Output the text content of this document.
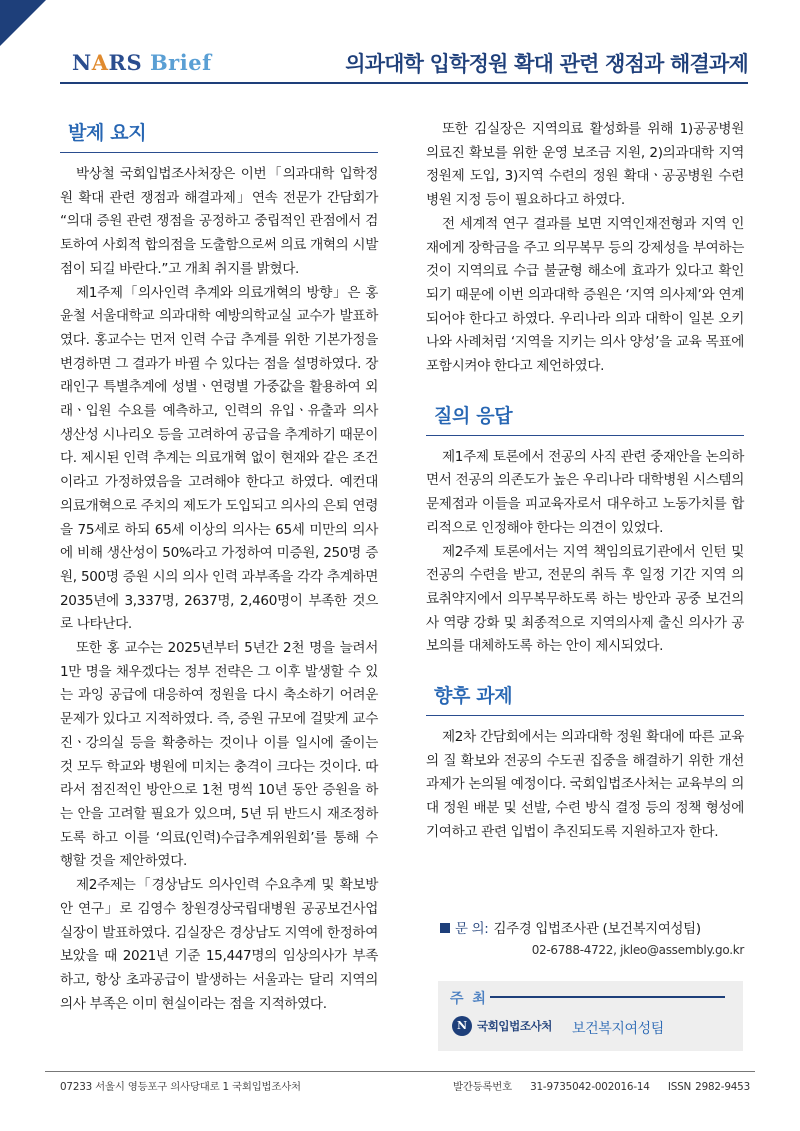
NARS Brief	의과대학 입학정원 확대 관련 쟁점과 해결과제
발제 요지

박상철 국회입법조사처장은 이번「의과대학 입학정원 확대 관련 쟁점과 해결과제」연속 전문가 간담회가 “의대 증원 관련 쟁점을 공정하고 중립적인 관점에서 검토하여 사회적 합의점을 도출함으로써 의료 개혁의 시발점이 되길 바란다.”고 개최 취지를 밝혔다.

제1주제「의사인력 추계와 의료개혁의 방향」은 홍윤철 서울대학교 의과대학 예방의학교실 교수가 발표하였다. 홍교수는 먼저 인력 수급 추계를 위한 기본가정을 변경하면 그 결과가 바뀔 수 있다는 점을 설명하였다. 장래인구 특별추계에 성별ㆍ연령별 가중값을 활용하여 외래ㆍ입원 수요를 예측하고, 인력의 유입ㆍ유출과 의사 생산성 시나리오 등을 고려하여 공급을 추계하기 때문이다. 제시된 인력 추계는 의료개혁 없이 현재와 같은 조건이라고 가정하였음을 고려해야 한다고 하였다. 예컨대 의료개혁으로 주치의 제도가 도입되고 의사의 은퇴 연령을 75세로 하되 65세 이상의 의사는 65세 미만의 의사에 비해 생산성이 50%라고 가정하여 미증원, 250명 증원, 500명 증원 시의 의사 인력 과부족을 각각 추계하면 2035년에 3,337명, 2637명, 2,460명이 부족한 것으로 나타난다.

또한 홍 교수는 2025년부터 5년간 2천 명을 늘려서 1만 명을 채우겠다는 정부 전략은 그 이후 발생할 수 있는 과잉 공급에 대응하여 정원을 다시 축소하기 어려운 문제가 있다고 지적하였다. 즉, 증원 규모에 걸맞게 교수진ㆍ강의실 등을 확충하는 것이나 이를 일시에 줄이는 것 모두 학교와 병원에 미치는 충격이 크다는 것이다. 따라서 점진적인 방안으로 1천 명씩 10년 동안 증원을 하는 안을 고려할 필요가 있으며, 5년 뒤 반드시 재조정하도록 하고 이를 ‘의료(인력)수급추계위원회’를 통해 수행할 것을 제안하였다.

제2주제는「경상남도 의사인력 수요추계 및 확보방안 연구」로 김영수 창원경상국립대병원 공공보건사업실장이 발표하였다. 김실장은 경상남도 지역에 한정하여 보았을 때 2021년 기준 15,447명의 임상의사가 부족하고, 항상 초과공급이 발생하는 서울과는 달리 지역의 의사 부족은 이미 현실이라는 점을 지적하였다.

또한 김실장은 지역의료 활성화를 위해 1)공공병원 의료진 확보를 위한 운영 보조금 지원, 2)의과대학 지역정원제 도입, 3)지역 수련의 정원 확대ㆍ공공병원 수련병원 지정 등이 필요하다고 하였다.

전 세계적 연구 결과를 보면 지역인재전형과 지역 인재에게 장학금을 주고 의무복무 등의 강제성을 부여하는 것이 지역의료 수급 불균형 해소에 효과가 있다고 확인되기 때문에 이번 의과대학 증원은 ‘지역 의사제’와 연계되어야 한다고 하였다. 우리나라 의과 대학이 일본 오키나와 사례처럼 ‘지역을 지키는 의사 양성’을 교육 목표에 포함시켜야 한다고 제언하였다.

질의 응답

제1주제 토론에서 전공의 사직 관련 중재안을 논의하면서 전공의 의존도가 높은 우리나라 대학병원 시스템의 문제점과 이들을 피교육자로서 대우하고 노동가치를 합리적으로 인정해야 한다는 의견이 있었다.

제2주제 토론에서는 지역 책임의료기관에서 인턴 및 전공의 수련을 받고, 전문의 취득 후 일정 기간 지역 의료취약지에서 의무복무하도록 하는 방안과 공중 보건의사 역량 강화 및 최종적으로 지역의사제 출신 의사가 공보의를 대체하도록 하는 안이 제시되었다.

향후 과제

제2차 간담회에서는 의과대학 정원 확대에 따른 교육의 질 확보와 전공의 수도권 집중을 해결하기 위한 개선과제가 논의될 예정이다. 국회입법조사처는 교육부의 의대 정원 배분 및 선발, 수련 방식 결정 등의 정책 형성에 기여하고 관련 입법이 추진되도록 지원하고자 한다.

문 의: 김주경 입법조사관 (보건복지여성팀)
02-6788-4722, jkleo@assembly.go.kr
주 최
N 국회입법조사처 보건복지여성팀
07233 서울시 영등포구 의사당대로 1 국회입법조사처	발간등록번호 31-9735042-002016-14 ISSN 2982-9453
